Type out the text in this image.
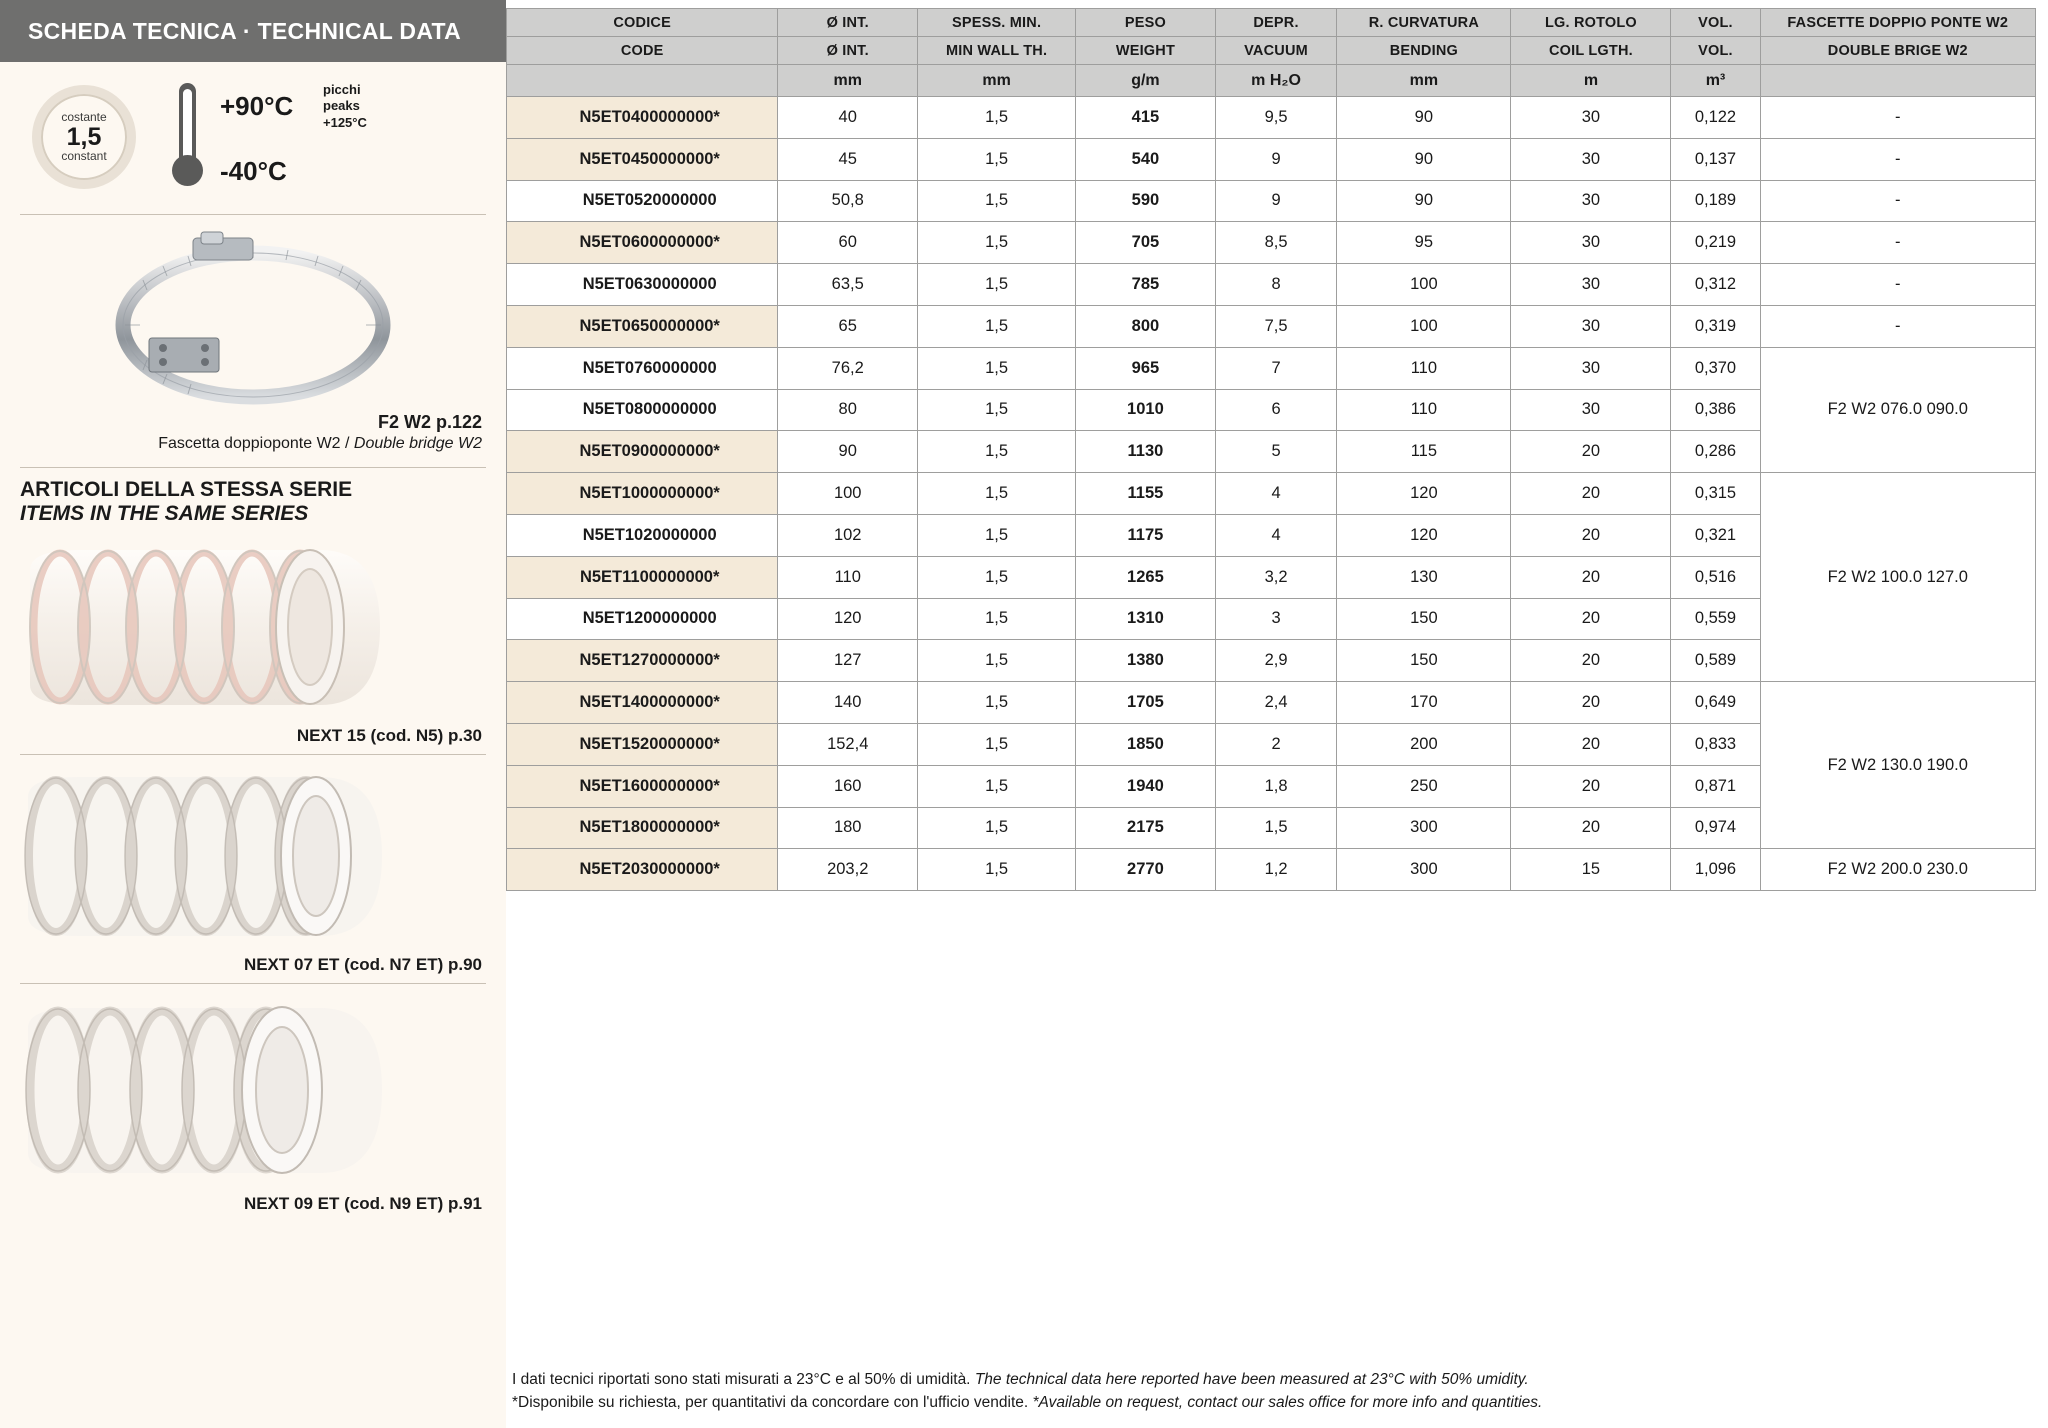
SCHEDA TECNICA · TECHNICAL DATA
costante
1,5
constant
+90°C
picchi
peaks
+125°C
-40°C
F2 W2 p.122
Fascetta doppioponte W2 / Double bridge W2
ARTICOLI DELLA STESSA SERIE
ITEMS IN THE SAME SERIES
NEXT 15 (cod. N5) p.30
NEXT 07 ET (cod. N7 ET) p.90
NEXT 09 ET (cod. N9 ET) p.91
CODICE	Ø INT.	SPESS. MIN.	PESO	DEPR.	R. CURVATURA	LG. ROTOLO	VOL.	FASCETTE DOPPIO PONTE W2
CODE	Ø INT.	MIN WALL TH.	WEIGHT	VACUUM	BENDING	COIL LGTH.	VOL.	DOUBLE BRIGE W2
	mm	mm	g/m	m H₂O	mm	m	m³	
N5ET0400000000*	40	1,5	415	9,5	90	30	0,122	-
N5ET0450000000*	45	1,5	540	9	90	30	0,137	-
N5ET0520000000	50,8	1,5	590	9	90	30	0,189	-
N5ET0600000000*	60	1,5	705	8,5	95	30	0,219	-
N5ET0630000000	63,5	1,5	785	8	100	30	0,312	-
N5ET0650000000*	65	1,5	800	7,5	100	30	0,319	-
N5ET0760000000	76,2	1,5	965	7	110	30	0,370	F2 W2 076.0 090.0
N5ET0800000000	80	1,5	1010	6	110	30	0,386	
N5ET0900000000*	90	1,5	1130	5	115	20	0,286	
N5ET1000000000*	100	1,5	1155	4	120	20	0,315	F2 W2 100.0 127.0
N5ET1020000000	102	1,5	1175	4	120	20	0,321	
N5ET1100000000*	110	1,5	1265	3,2	130	20	0,516	
N5ET1200000000	120	1,5	1310	3	150	20	0,559	
N5ET1270000000*	127	1,5	1380	2,9	150	20	0,589	
N5ET1400000000*	140	1,5	1705	2,4	170	20	0,649	F2 W2 130.0 190.0
N5ET1520000000*	152,4	1,5	1850	2	200	20	0,833	
N5ET1600000000*	160	1,5	1940	1,8	250	20	0,871	
N5ET1800000000*	180	1,5	2175	1,5	300	20	0,974	
N5ET2030000000*	203,2	1,5	2770	1,2	300	15	1,096	F2 W2 200.0 230.0
I dati tecnici riportati sono stati misurati a 23°C e al 50% di umidità. The technical data here reported have been measured at 23°C with 50% umidity.
*Disponibile su richiesta, per quantitativi da concordare con l'ufficio vendite. *Available on request, contact our sales office for more info and quantities.
